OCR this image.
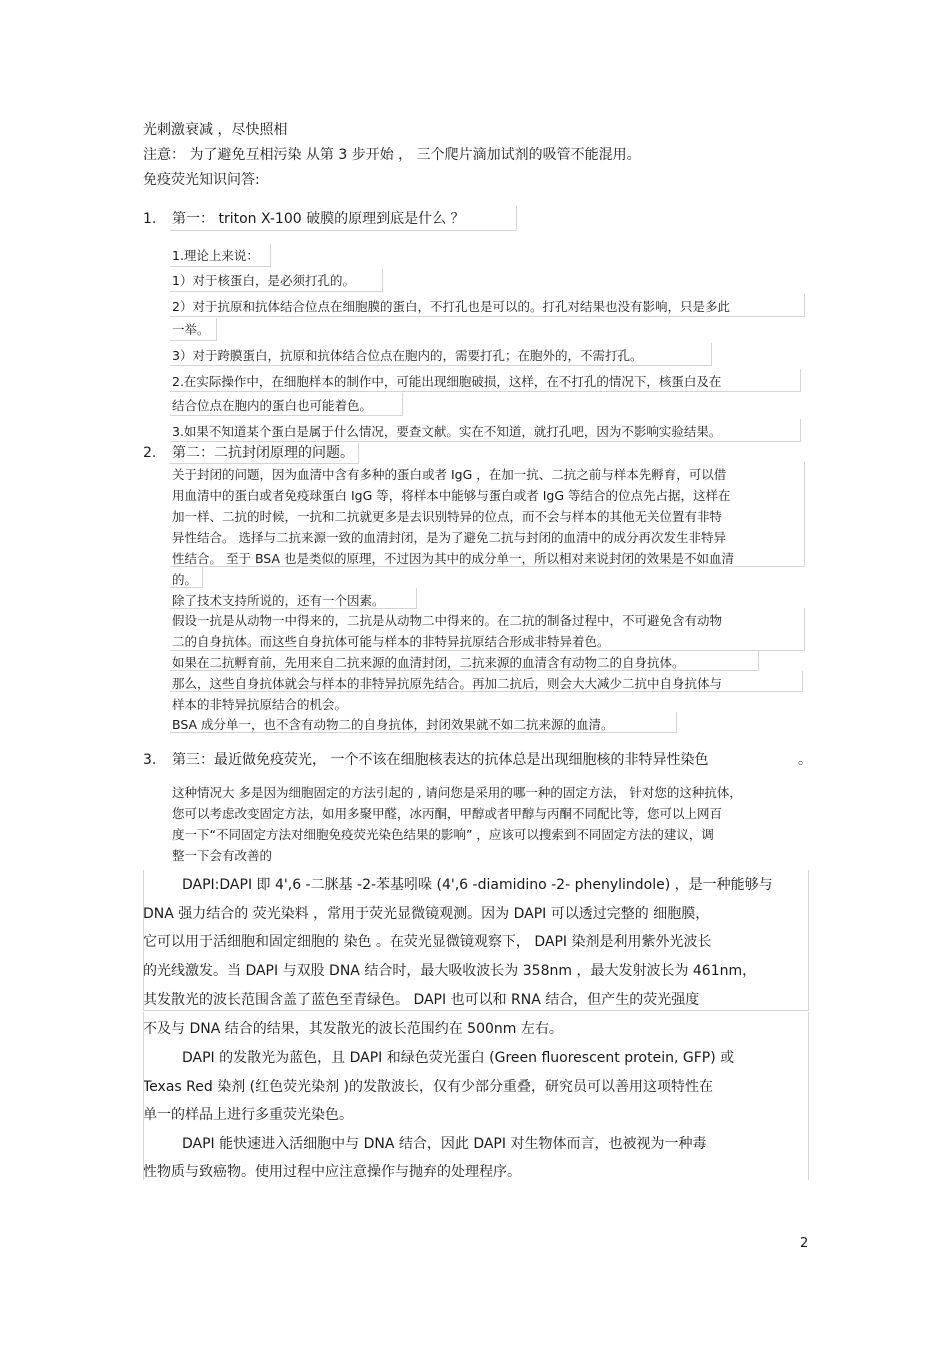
光刺激衰减 ，尽快照相
注意： 为了避免互相污染 从第 3 步开始 ， 三个爬片滴加试剂的吸管不能混用。
免疫荧光知识问答:
1. 第一： triton X-100 破膜的原理到底是什么 ？
1.理论上来说：
1）对于核蛋白，是必须打孔的。
2）对于抗原和抗体结合位点在细胞膜的蛋白，不打孔也是可以的。打孔对结果也没有影响，只是多此
一举。
3）对于跨膜蛋白，抗原和抗体结合位点在胞内的，需要打孔；在胞外的，不需打孔。
2.在实际操作中，在细胞样本的制作中，可能出现细胞破损，这样，在不打孔的情况下，核蛋白及在
结合位点在胞内的蛋白也可能着色。
3.如果不知道某个蛋白是属于什么情况，要查文献。实在不知道，就打孔吧，因为不影响实验结果。
2. 第二：二抗封闭原理的问题。
关于封闭的问题，因为血清中含有多种的蛋白或者 IgG ，在加一抗、二抗之前与样本先孵育，可以借
用血清中的蛋白或者免疫球蛋白 IgG 等，将样本中能够与蛋白或者 IgG 等结合的位点先占据，这样在
加一样、二抗的时候，一抗和二抗就更多是去识别特异的位点，而不会与样本的其他无关位置有非特
异性结合。 选择与二抗来源一致的血清封闭，是为了避免二抗与封闭的血清中的成分再次发生非特异
性结合。 至于 BSA 也是类似的原理，不过因为其中的成分单一，所以相对来说封闭的效果是不如血清
的。
除了技术支持所说的，还有一个因素。
假设一抗是从动物一中得来的，二抗是从动物二中得来的。在二抗的制备过程中，不可避免含有动物
二的自身抗体。而这些自身抗体可能与样本的非特异抗原结合形成非特异着色。
如果在二抗孵育前，先用来自二抗来源的血清封闭，二抗来源的血清含有动物二的自身抗体。
那么，这些自身抗体就会与样本的非特异抗原先结合。再加二抗后，则会大大减少二抗中自身抗体与
样本的非特异抗原结合的机会。
BSA 成分单一，也不含有动物二的自身抗体，封闭效果就不如二抗来源的血清。
3. 第三：最近做免疫荧光， 一个不该在细胞核表达的抗体总是出现细胞核的非特异性染色	。
这种情况大 多是因为细胞固定的方法引起的 , 请问您是采用的哪一种的固定方法， 针对您的这种抗体，
您可以考虑改变固定方法，如用多聚甲醛，冰丙酮，甲醇或者甲醇与丙酮不同配比等，您可以上网百
度一下“不同固定方法对细胞免疫荧光染色结果的影响” ，应该可以搜索到不同固定方法的建议，调
整一下会有改善的
DAPI:DAPI 即 4',6 -二脒基 -2-苯基吲哚 (4',6 -diamidino -2- phenylindole) ，是一种能够与
DNA 强力结合的 荧光染料 ，常用于荧光显微镜观测。因为 DAPI 可以透过完整的 细胞膜，
它可以用于活细胞和固定细胞的 染色 。在荧光显微镜观察下， DAPI 染剂是利用紫外光波长
的光线激发。当 DAPI 与双股 DNA 结合时，最大吸收波长为 358nm ，最大发射波长为 461nm，
其发散光的波长范围含盖了蓝色至青绿色。 DAPI 也可以和 RNA 结合，但产生的荧光强度
不及与 DNA 结合的结果，其发散光的波长范围约在 500nm 左右。
DAPI 的发散光为蓝色，且 DAPI 和绿色荧光蛋白 (Green fluorescent protein, GFP) 或
Texas Red 染剂 (红色荧光染剂 )的发散波长，仅有少部分重叠，研究员可以善用这项特性在
单一的样品上进行多重荧光染色。
DAPI 能快速进入活细胞中与 DNA 结合，因此 DAPI 对生物体而言，也被视为一种毒
性物质与致癌物。使用过程中应注意操作与抛弃的处理程序。
2
